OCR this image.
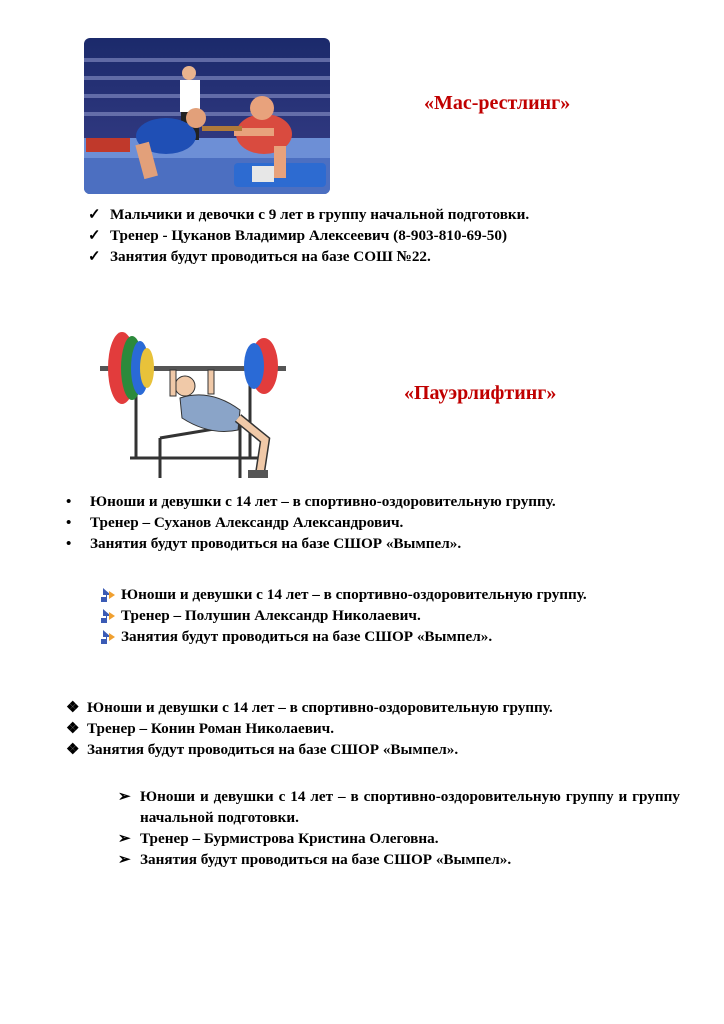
«Мас-рестлинг»
✓ Мальчики и девочки с 9 лет в группу начальной подготовки.
✓ Тренер - Цуканов Владимир Алексеевич (8-903-810-69-50)
✓ Занятия будут проводиться на базе СОШ №22.
«Пауэрлифтинг»
• Юноши и девушки с 14 лет – в спортивно-оздоровительную группу.
• Тренер – Суханов Александр Александрович.
• Занятия будут проводиться на базе СШОР «Вымпел».
Юноши и девушки с 14 лет – в спортивно-оздоровительную группу.
Тренер – Полушин Александр Николаевич.
Занятия будут проводиться на базе СШОР «Вымпел».
❖ Юноши и девушки с 14 лет – в спортивно-оздоровительную группу.
❖ Тренер – Конин Роман Николаевич.
❖ Занятия будут проводиться на базе СШОР «Вымпел».
➢ Юноши и девушки с 14 лет – в спортивно-оздоровительную группу и группу начальной подготовки.
➢ Тренер – Бурмистрова Кристина Олеговна.
➢ Занятия будут проводиться на базе СШОР «Вымпел».
